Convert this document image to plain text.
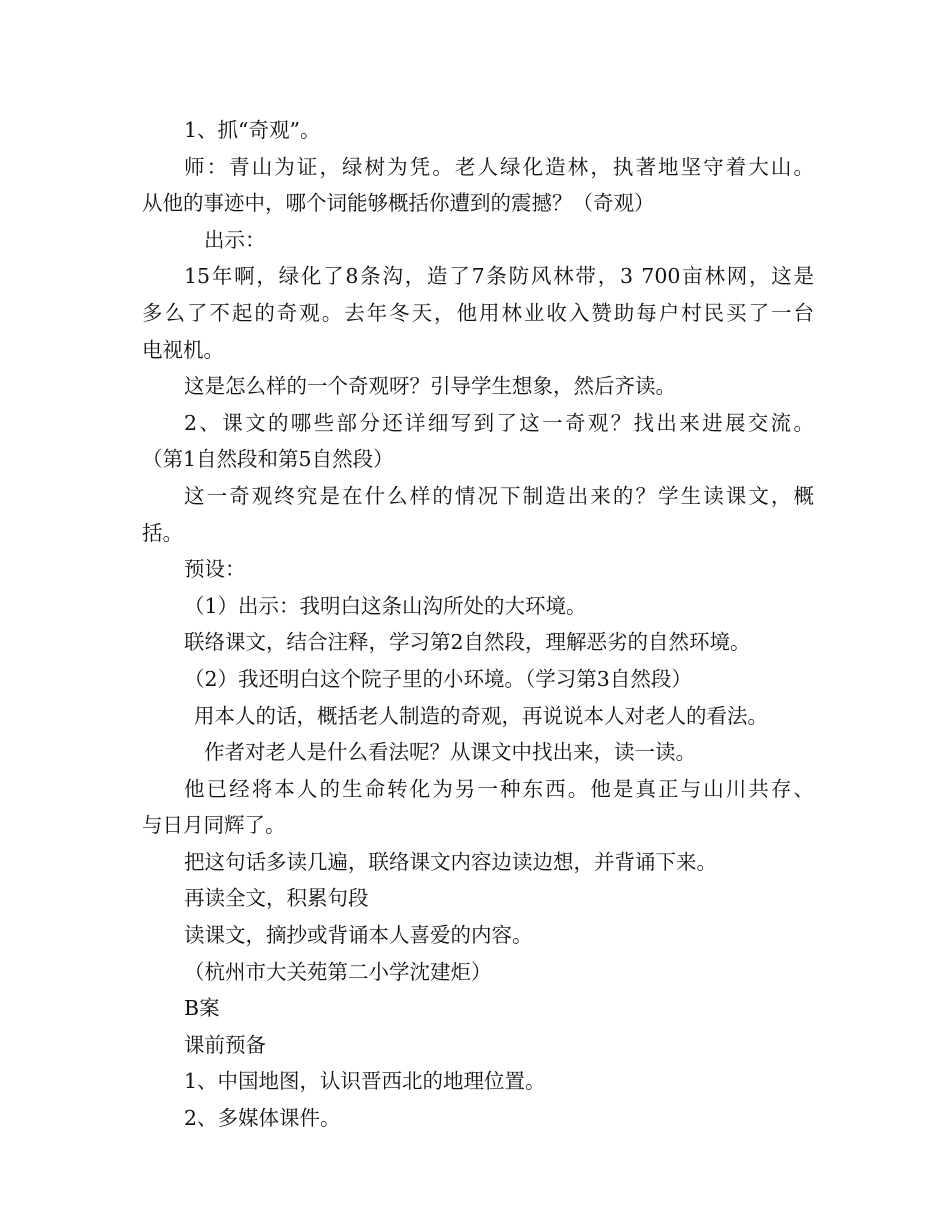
1、抓“奇观”。
师：青山为证，绿树为凭。老人绿化造林，执著地坚守着大山。
从他的事迹中，哪个词能够概括你遭到的震撼？（奇观）
出示：
15年啊，绿化了8条沟，造了7条防风林带，3 700亩林网，这是
多么了不起的奇观。去年冬天，他用林业收入赞助每户村民买了一台
电视机。
这是怎么样的一个奇观呀？引导学生想象，然后齐读。
2、课文的哪些部分还详细写到了这一奇观？找出来进展交流。
（第1自然段和第5自然段）
这一奇观终究是在什么样的情况下制造出来的？学生读课文，概
括。
预设：
（1）出示：我明白这条山沟所处的大环境。
联络课文，结合注释，学习第2自然段，理解恶劣的自然环境。
（2）我还明白这个院子里的小环境。（学习第3自然段）
用本人的话，概括老人制造的奇观，再说说本人对老人的看法。
作者对老人是什么看法呢？从课文中找出来，读一读。
他已经将本人的生命转化为另一种东西。他是真正与山川共存、
与日月同辉了。
把这句话多读几遍，联络课文内容边读边想，并背诵下来。
再读全文，积累句段
读课文，摘抄或背诵本人喜爱的内容。
（杭州市大关苑第二小学沈建炬）
B案
课前预备
1、中国地图，认识晋西北的地理位置。
2、多媒体课件。
